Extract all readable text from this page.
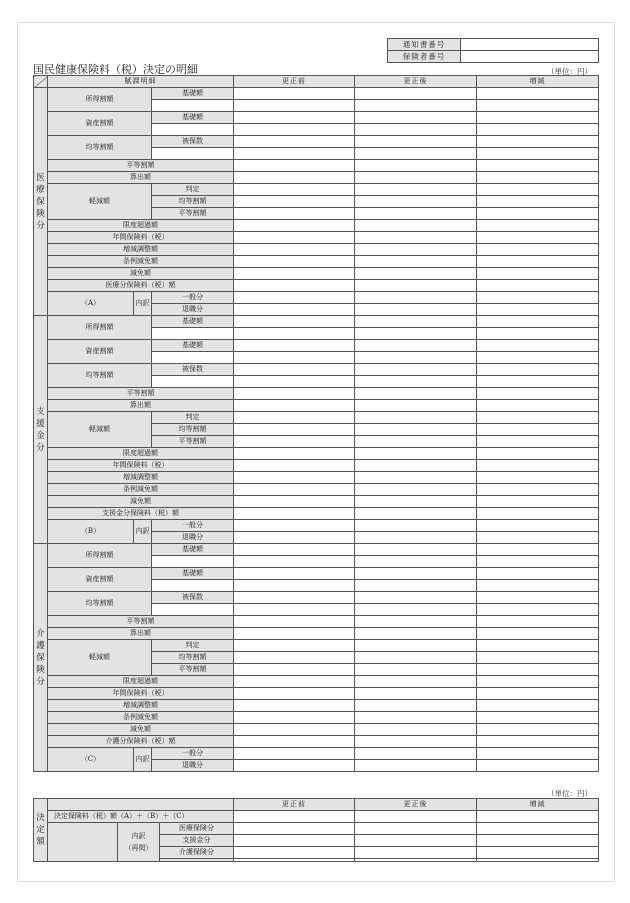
通知書番号	
保険者番号	
国民健康保険料（税）決定の明細	（単位：円）
	賦課明細			更正前	更正後	増減
医療保険分	所得割額		基礎額			

	資産割額		基礎額			

	均等割額		被保数			

	平等割額					
	算出額					
	軽減額		判定			
			均等割額			
			平等割額			
	限度超過額					
	年間保険料（税）					
	増減調整額					
	条例減免額					
	減免額					
	医療分保険料（税）額					
	（A）	内訳	一般分			
			退職分			
支援金分	所得割額		基礎額			

	資産割額		基礎額			

	均等割額		被保数			

	平等割額					
	算出額					
	軽減額		判定			
			均等割額			
			平等割額			
	限度超過額					
	年間保険料（税）					
	増減調整額					
	条例減免額					
	減免額					
	支援金分保険料（税）額					
	（B）	内訳	一般分			
			退職分			
介護保険分	所得割額		基礎額			

	資産割額		基礎額			

	均等割額		被保数			

	平等割額					
	算出額					
	軽減額		判定			
			均等割額			
			平等割額			
	限度超過額					
	年間保険料（税）					
	増減調整額					
	条例減免額					
	減免額					
	介護分保険料（税）額					
	（C）	内訳	一般分			
			退職分			
（単位：円）
決定額				更正前	更正後	増減
	決定保険料（税）額（A）＋（B）＋（C）					
		内訳
（再掲）	医療保険分			
			支援金分			
			介護保険分			
